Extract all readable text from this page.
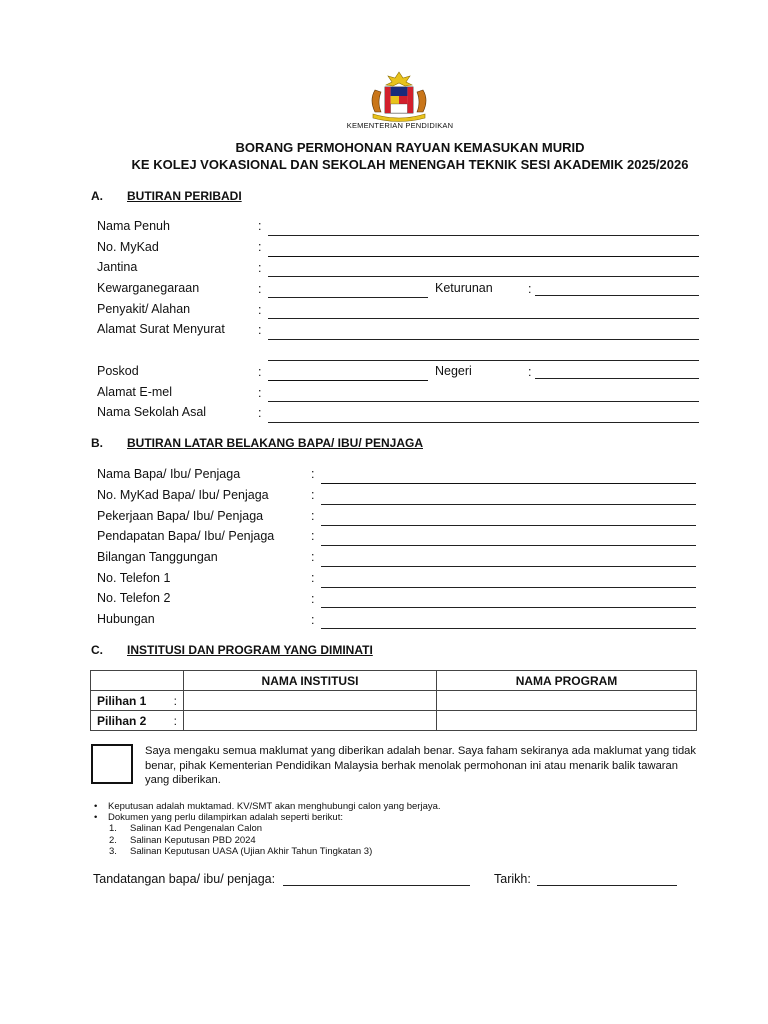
KEMENTERIAN PENDIDIKAN
BORANG PERMOHONAN RAYUAN KEMASUKAN MURID
KE KOLEJ VOKASIONAL DAN SEKOLAH MENENGAH TEKNIK SESI AKADEMIK 2025/2026
A. BUTIRAN PERIBADI
Nama Penuh	:
No. MyKad	:
Jantina	:
Kewarganegaraan	:	Keturunan	:
Penyakit/ Alahan	:
Alamat Surat Menyurat	:
Poskod	:	Negeri	:
Alamat E-mel	:
Nama Sekolah Asal	:
B. BUTIRAN LATAR BELAKANG BAPA/ IBU/ PENJAGA
Nama Bapa/ Ibu/ Penjaga	:
No. MyKad Bapa/ Ibu/ Penjaga	:
Pekerjaan Bapa/ Ibu/ Penjaga	:
Pendapatan Bapa/ Ibu/ Penjaga	:
Bilangan Tanggungan	:
No. Telefon 1	:
No. Telefon 2	:
Hubungan	:
C. INSTITUSI DAN PROGRAM YANG DIMINATI
	NAMA INSTITUSI	NAMA PROGRAM
Pilihan 1 :		

Pilihan 2 :		

Saya mengaku semua maklumat yang diberikan adalah benar. Saya faham sekiranya ada maklumat yang tidak benar, pihak Kementerian Pendidikan Malaysia berhak menolak permohonan ini atau menarik balik tawaran yang diberikan.
• Keputusan adalah muktamad. KV/SMT akan menghubungi calon yang berjaya.
• Dokumen yang perlu dilampirkan adalah seperti berikut:
1. Salinan Kad Pengenalan Calon
2. Salinan Keputusan PBD 2024
3. Salinan Keputusan UASA (Ujian Akhir Tahun Tingkatan 3)
Tandatangan bapa/ ibu/ penjaga:	Tarikh:
